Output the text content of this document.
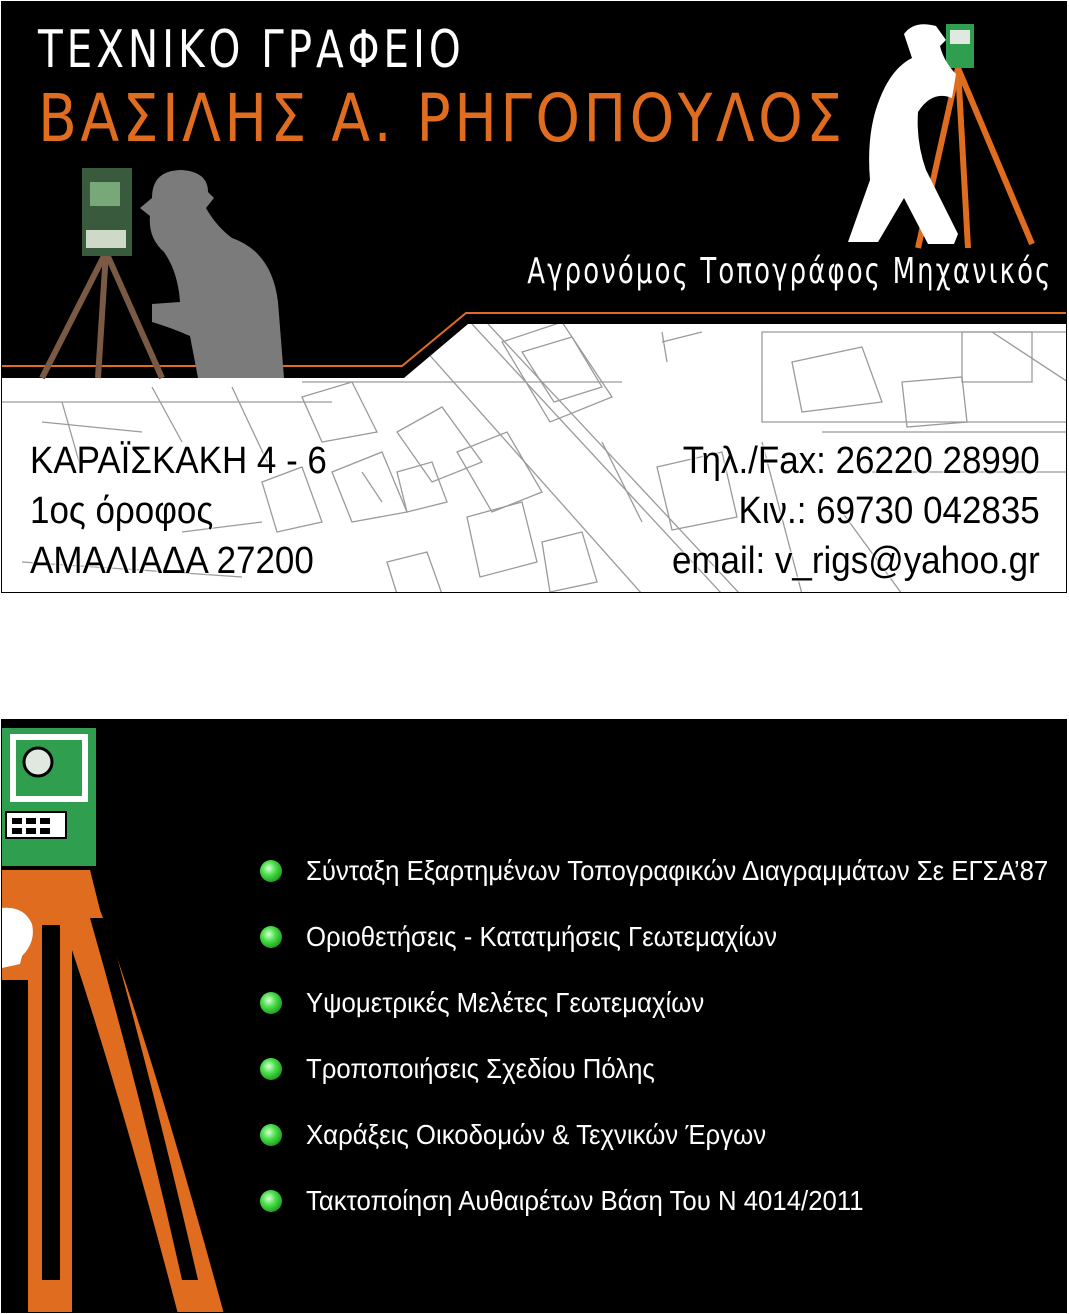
ΤΕΧΝΙΚΟ ΓΡΑΦΕΙΟ
ΒΑΣΙΛΗΣ Α. ΡΗΓΟΠΟΥΛΟΣ
Αγρονόμος Τοπογράφος Μηχανικός
ΚΑΡΑΪΣΚΑΚΗ 4 - 6
1ος όροφος
ΑΜΑΛΙΑΔΑ 27200
Τηλ./Fax: 26220 28990
Κιν.: 69730 042835
email: v_rigs@yahoo.gr
Σύνταξη Εξαρτημένων Τοπογραφικών Διαγραμμάτων Σε ΕΓΣΑ’87
Οριοθετήσεις - Κατατμήσεις Γεωτεμαχίων
Υψομετρικές Μελέτες Γεωτεμαχίων
Τροποποιήσεις Σχεδίου Πόλης
Χαράξεις Οικοδομών & Τεχνικών Έργων
Τακτοποίηση Αυθαιρέτων Βάση Του Ν 4014/2011
